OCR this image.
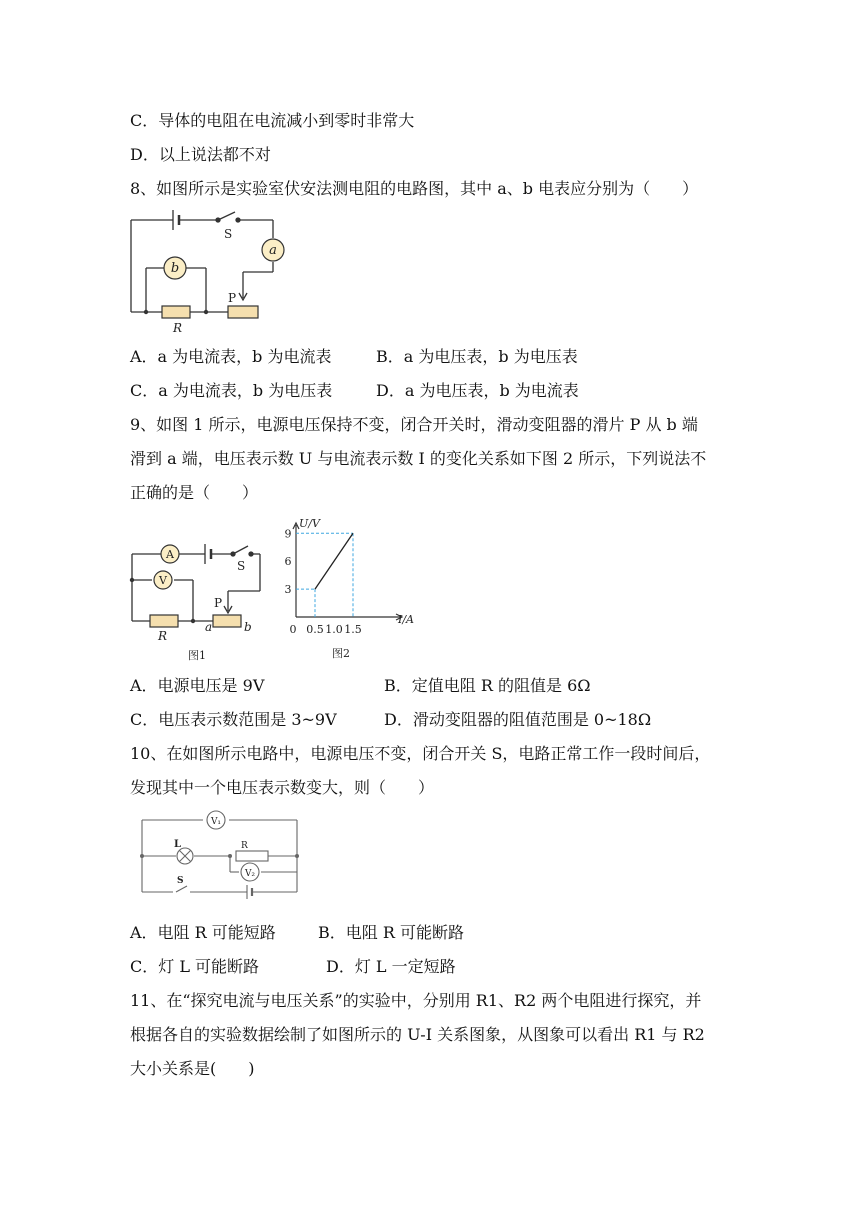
C．导体的电阻在电流减小到零时非常大
D．以上说法都不对
8、如图所示是实验室伏安法测电阻的电路图，其中 a、b 电表应分别为（　　）
a
b
S
P
R
A．a 为电流表，b 为电流表	B．a 为电压表，b 为电压表
C．a 为电流表，b 为电压表	D．a 为电压表，b 为电流表
9、如图 1 所示，电源电压保持不变，闭合开关时，滑动变阻器的滑片 P 从 b 端
滑到 a 端，电压表示数 U 与电流表示数 I 的变化关系如下图 2 所示，下列说法不
正确的是（　　）
A
V
S
P
R
a	b
图1
0.5 1.0 1.5
3
6
9
U/V
I/A
0
图2
A．电源电压是 9V	B．定值电阻 R 的阻值是 6Ω
C．电压表示数范围是 3~9V	D．滑动变阻器的阻值范围是 0~18Ω
10、在如图所示电路中，电源电压不变，闭合开关 S，电路正常工作一段时间后，
发现其中一个电压表示数变大，则（　　）
V₁
V₂
L	R
S
A．电阻 R 可能短路	B．电阻 R 可能断路
C．灯 L 可能断路	D．灯 L 一定短路
11、在“探究电流与电压关系”的实验中，分别用 R1、R2 两个电阻进行探究，并
根据各自的实验数据绘制了如图所示的 U-I 关系图象，从图象可以看出 R1 与 R2
大小关系是(　　)
